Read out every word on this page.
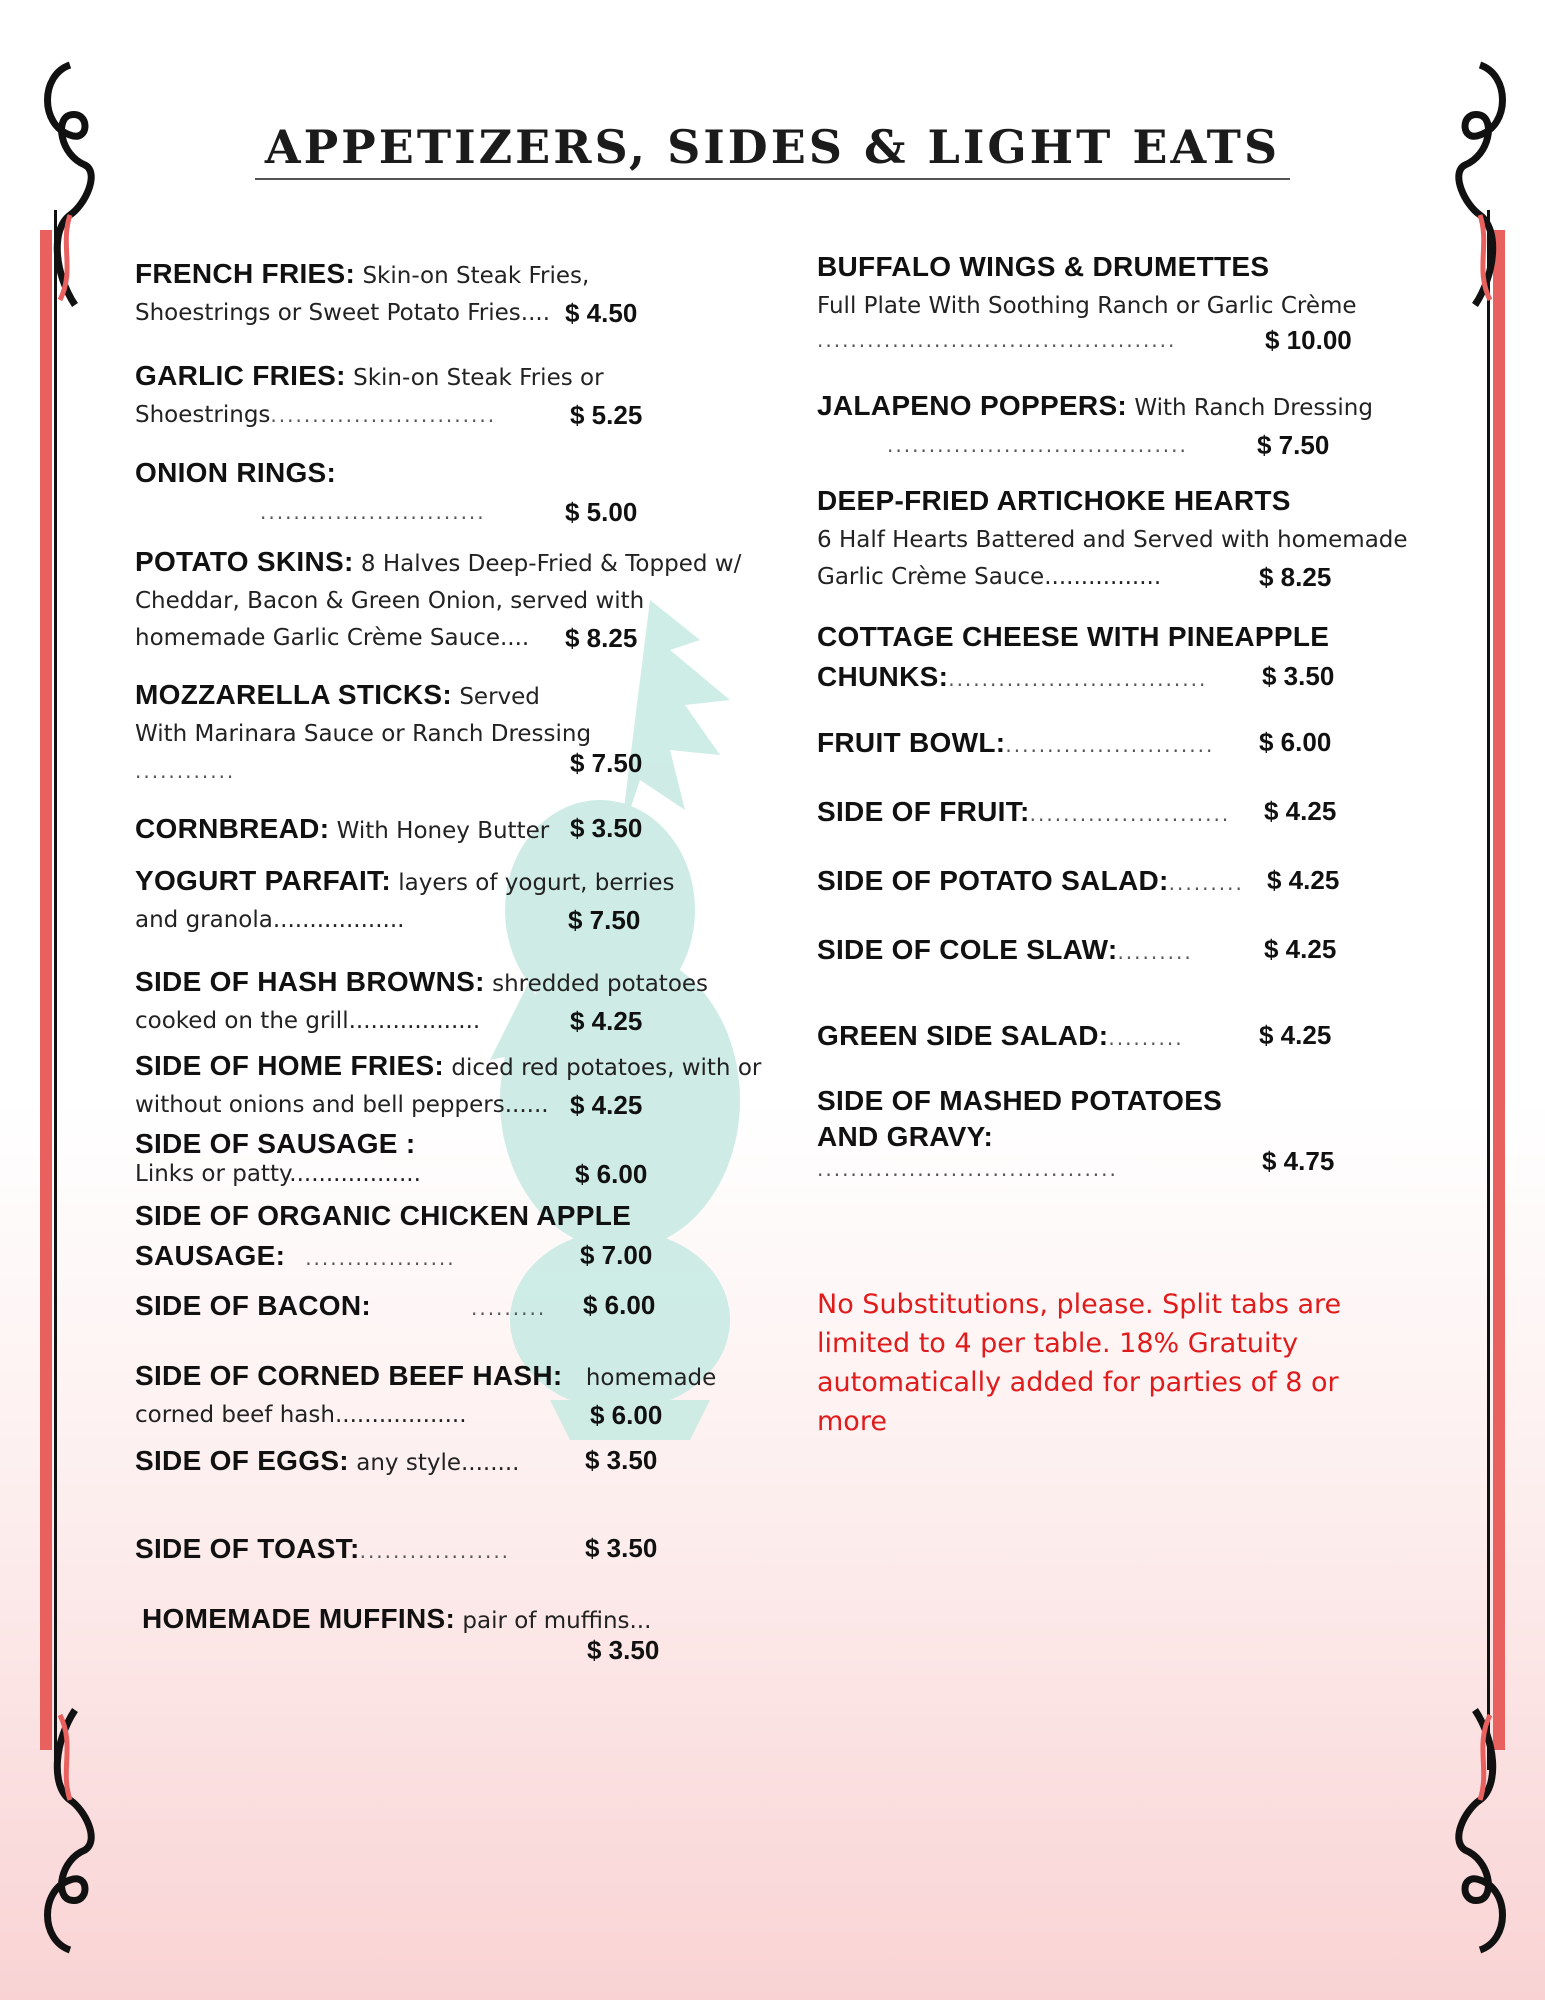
APPETIZERS, SIDES & LIGHT EATS
FRENCH FRIES: Skin-on Steak Fries,
Shoestrings or Sweet Potato Fries.... $ 4.50
GARLIC FRIES: Skin-on Steak Fries or
Shoestrings...........................	$ 5.25
ONION RINGS:
...........................	$ 5.00
POTATO SKINS: 8 Halves Deep-Fried & Topped w/
Cheddar, Bacon & Green Onion, served with
homemade Garlic Crème Sauce.... $ 8.25
MOZZARELLA STICKS: Served
With Marinara Sauce or Ranch Dressing
............	$ 7.50
CORNBREAD: With Honey Butter $ 3.50
YOGURT PARFAIT: layers of yogurt, berries
and granola..................	$ 7.50
SIDE OF HASH BROWNS: shredded potatoes
cooked on the grill..................	$ 4.25
SIDE OF HOME FRIES: diced red potatoes, with or
without onions and bell peppers...... $ 4.25
SIDE OF SAUSAGE :
Links or patty..................	$ 6.00
SIDE OF ORGANIC CHICKEN APPLE
SAUSAGE: ..................	$ 7.00
SIDE OF BACON:	......... $ 6.00
SIDE OF CORNED BEEF HASH: homemade
corned beef hash..................	$ 6.00
SIDE OF EGGS: any style........	$ 3.50
SIDE OF TOAST:..................	$ 3.50
HOMEMADE MUFFINS: pair of muffins...
$ 3.50
BUFFALO WINGS & DRUMETTES
Full Plate With Soothing Ranch or Garlic Crème
...........................................	$ 10.00
JALAPENO POPPERS: With Ranch Dressing
....................................	$ 7.50
DEEP-FRIED ARTICHOKE HEARTS
6 Half Hearts Battered and Served with homemade
Garlic Crème Sauce................	$ 8.25
COTTAGE CHEESE WITH PINEAPPLE
CHUNKS:............................... $ 3.50
FRUIT BOWL:......................... $ 6.00
SIDE OF FRUIT:........................ $ 4.25
SIDE OF POTATO SALAD:......... $ 4.25
SIDE OF COLE SLAW:.........	$ 4.25
GREEN SIDE SALAD:.........	$ 4.25
SIDE OF MASHED POTATOES
AND GRAVY:
....................................	$ 4.75
No Substitutions, please. Split tabs are limited to 4 per table. 18% Gratuity automatically added for parties of 8 or more
